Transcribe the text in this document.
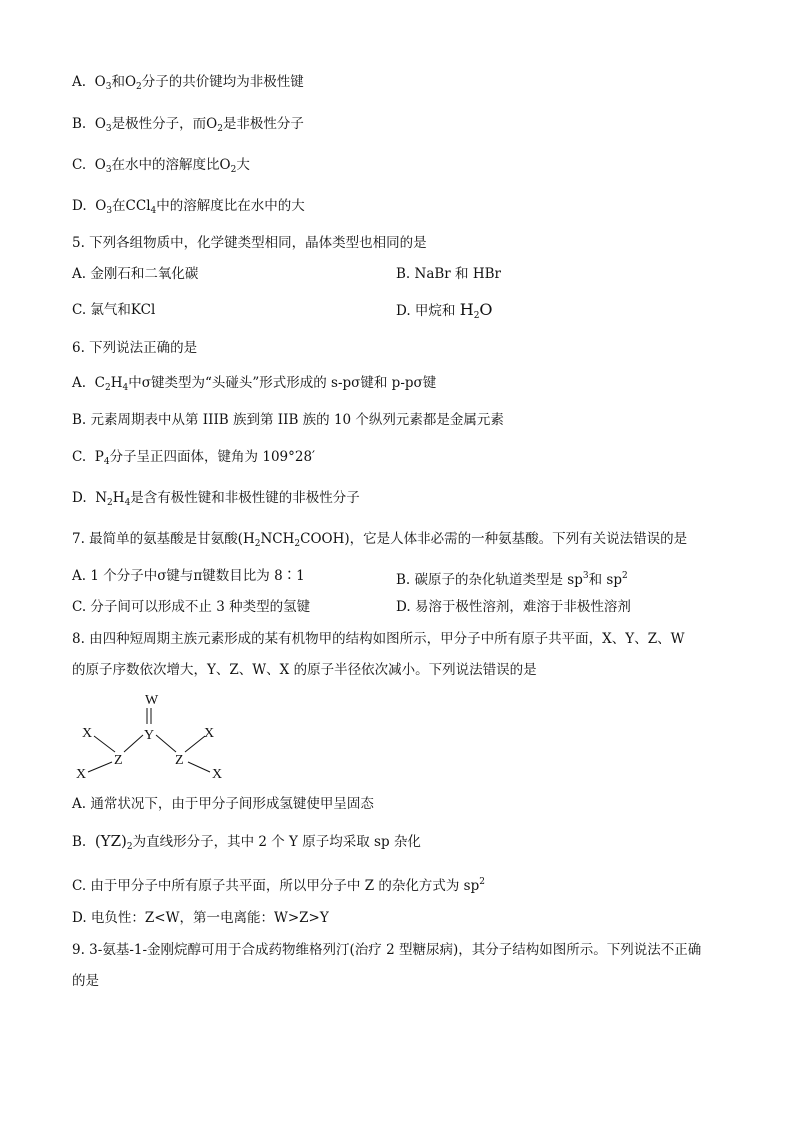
A. $O_3$和$O_2$分子的共价键均为非极性键
B. $O_3$是极性分子，而$O_2$是非极性分子
C. $O_3$在水中的溶解度比$O_2$大
D. $O_3$在CCl$_4$中的溶解度比在水中的大
5. 下列各组物质中，化学键类型相同，晶体类型也相同的是
A. 金刚石和二氧化碳	B. NaBr 和 HBr
C. 氯气和KCl	D. 甲烷和 $H_2O$
6. 下列说法正确的是
A. $C_2H_4$中σ键类型为“头碰头”形式形成的 s-pσ键和 p-pσ键
B. 元素周期表中从第 IIIB 族到第 IIB 族的 10 个纵列元素都是金属元素
C. $P_4$分子呈正四面体，键角为 109°28′
D. $N_2H_4$是含有极性键和非极性键的非极性分子
7. 最简单的氨基酸是甘氨酸$(H_2NCH_2COOH)$，它是人体非必需的一种氨基酸。下列有关说法错误的是
A. 1 个分子中σ键与π键数目比为 8∶1	B. 碳原子的杂化轨道类型是 $sp^3$和 $sp^2$
C. 分子间可以形成不止 3 种类型的氢键	D. 易溶于极性溶剂，难溶于非极性溶剂
8. 由四种短周期主族元素形成的某有机物甲的结构如图所示，甲分子中所有原子共平面，X、Y、Z、W
的原子序数依次增大，Y、Z、W、X 的原子半径依次减小。下列说法错误的是
W
Y
X	X
Z	Z
X	X
A. 通常状况下，由于甲分子间形成氢键使甲呈固态
B. $(YZ)_2$为直线形分子，其中 2 个 Y 原子均采取 sp 杂化
C. 由于甲分子中所有原子共平面，所以甲分子中 Z 的杂化方式为 $sp^2$
D. 电负性：Z<W，第一电离能：W>Z>Y
9. 3-氨基-1-金刚烷醇可用于合成药物维格列汀(治疗 2 型糖尿病)，其分子结构如图所示。下列说法不正确
的是
